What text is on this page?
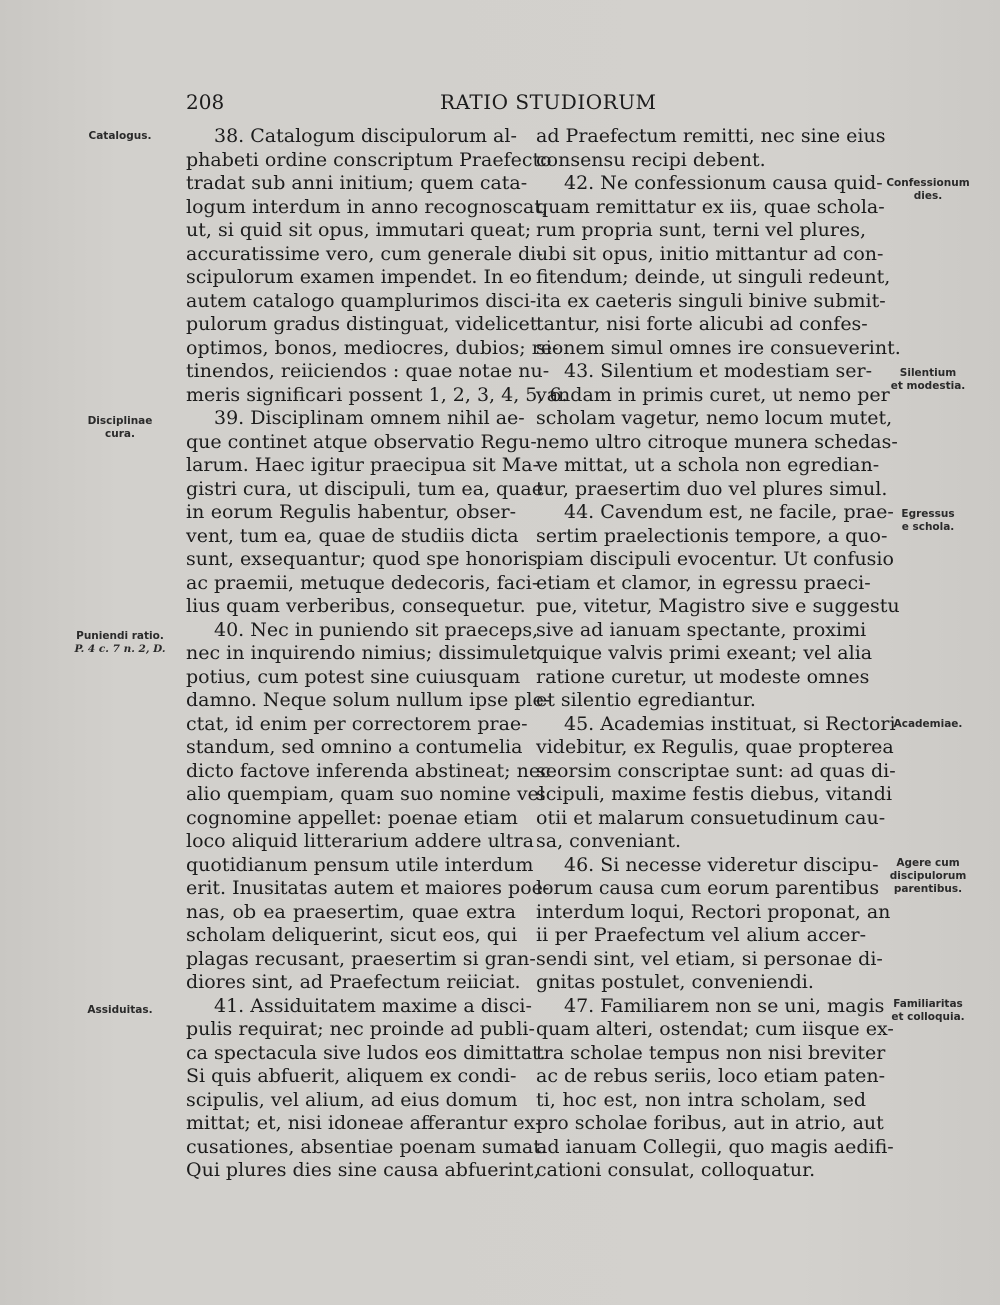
208	RATIO STUDIORUM
38. Catalogum discipulorum al-
phabeti ordine conscriptum Praefecto
tradat sub anni initium; quem cata-
logum interdum in anno recognoscat,
ut, si quid sit opus, immutari queat;
accuratissime vero, cum generale di-
scipulorum examen impendet. In eo
autem catalogo quamplurimos disci-
pulorum gradus distinguat, videlicet
optimos, bonos, mediocres, dubios; re-
tinendos, reiiciendos : quae notae nu-
meris significari possent 1, 2, 3, 4, 5, 6.
39. Disciplinam omnem nihil ae-
que continet atque observatio Regu-
larum. Haec igitur praecipua sit Ma-
gistri cura, ut discipuli, tum ea, quae
in eorum Regulis habentur, obser-
vent, tum ea, quae de studiis dicta
sunt, exsequantur; quod spe honoris
ac praemii, metuque dedecoris, faci-
lius quam verberibus, consequetur.
40. Nec in puniendo sit praeceps,
nec in inquirendo nimius; dissimulet
potius, cum potest sine cuiusquam
damno. Neque solum nullum ipse ple-
ctat, id enim per correctorem prae-
standum, sed omnino a contumelia
dicto factove inferenda abstineat; nec
alio quempiam, quam suo nomine vel
cognomine appellet: poenae etiam
loco aliquid litterarium addere ultra
quotidianum pensum utile interdum
erit. Inusitatas autem et maiores poe-
nas, ob ea praesertim, quae extra
scholam deliquerint, sicut eos, qui
plagas recusant, praesertim si gran-
diores sint, ad Praefectum reiiciat.
41. Assiduitatem maxime a disci-
pulis requirat; nec proinde ad publi-
ca spectacula sive ludos eos dimittat.
Si quis abfuerit, aliquem ex condi-
scipulis, vel alium, ad eius domum
mittat; et, nisi idoneae afferantur ex-
cusationes, absentiae poenam sumat.
Qui plures dies sine causa abfuerint,
ad Praefectum remitti, nec sine eius
consensu recipi debent.
42. Ne confessionum causa quid-
quam remittatur ex iis, quae schola-
rum propria sunt, terni vel plures,
ubi sit opus, initio mittantur ad con-
fitendum; deinde, ut singuli redeunt,
ita ex caeteris singuli binive submit-
tantur, nisi forte alicubi ad confes-
sionem simul omnes ire consueverint.
43. Silentium et modestiam ser-
vandam in primis curet, ut nemo per
scholam vagetur, nemo locum mutet,
nemo ultro citroque munera schedas-
ve mittat, ut a schola non egredian-
tur, praesertim duo vel plures simul.
44. Cavendum est, ne facile, prae-
sertim praelectionis tempore, a quo-
piam discipuli evocentur. Ut confusio
etiam et clamor, in egressu praeci-
pue, vitetur, Magistro sive e suggestu
sive ad ianuam spectante, proximi
quique valvis primi exeant; vel alia
ratione curetur, ut modeste omnes
et silentio egrediantur.
45. Academias instituat, si Rectori
videbitur, ex Regulis, quae propterea
seorsim conscriptae sunt: ad quas di-
scipuli, maxime festis diebus, vitandi
otii et malarum consuetudinum cau-
sa, conveniant.
46. Si necesse videretur discipu-
lorum causa cum eorum parentibus
interdum loqui, Rectori proponat, an
ii per Praefectum vel alium accer-
sendi sint, vel etiam, si personae di-
gnitas postulet, conveniendi.
47. Familiarem non se uni, magis
quam alteri, ostendat; cum iisque ex-
tra scholae tempus non nisi breviter
ac de rebus seriis, loco etiam paten-
ti, hoc est, non intra scholam, sed
pro scholae foribus, aut in atrio, aut
ad ianuam Collegii, quo magis aedifi-
cationi consulat, colloquatur.
Catalogus.
Disciplinae
cura.
Puniendi ratio.
P. 4 c. 7 n. 2, D.
Assiduitas.
Confessionum
dies.
Silentium
et modestia.
Egressus
e schola.
Academiae.
Agere cum
discipulorum
parentibus.
Familiaritas
et colloquia.
